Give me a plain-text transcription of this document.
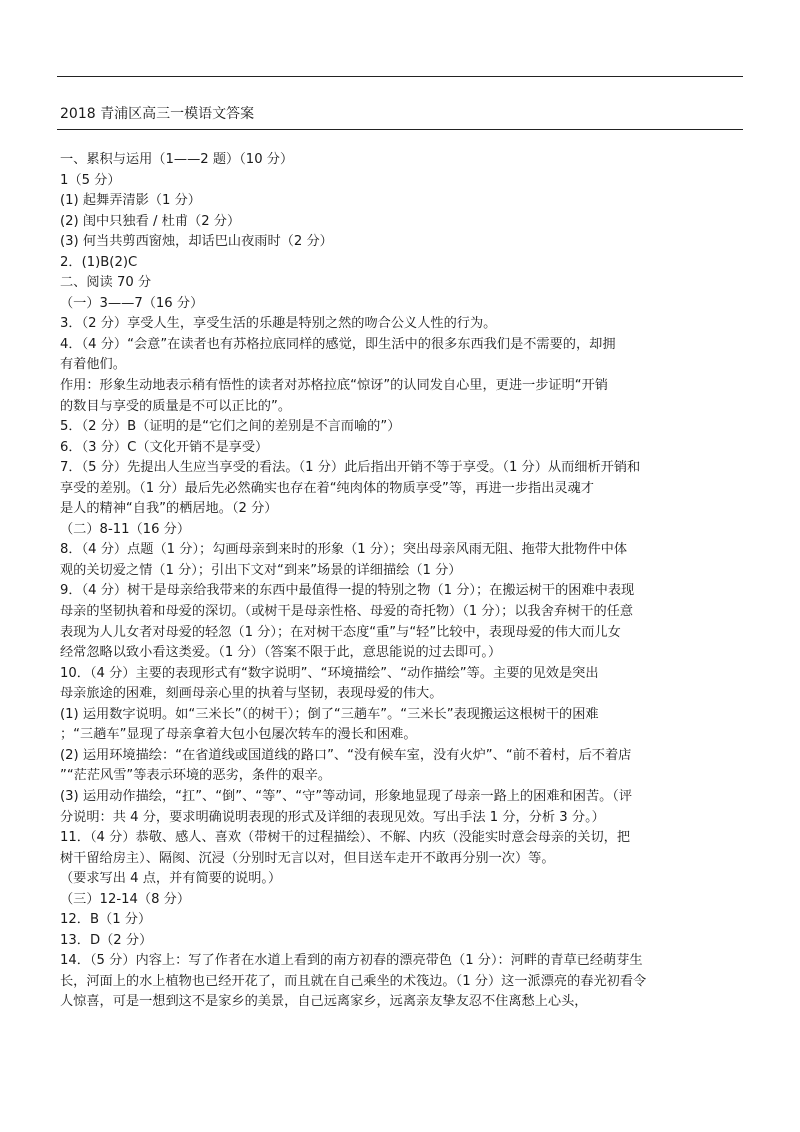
2018 青浦区高三一模语文答案
一、累积与运用（1——2 题）（10 分）
1（5 分）
(1) 起舞弄清影（1 分）
(2) 闺中只独看 / 杜甫（2 分）
(3) 何当共剪西窗烛，却话巴山夜雨时（2 分）
2．(1)B(2)C
二、阅读 70 分
（一）3——7（16 分）
3．（2 分）享受人生，享受生活的乐趣是特别之然的吻合公义人性的行为。
4．（4 分）“会意”在读者也有苏格拉底同样的感觉，即生活中的很多东西我们是不需要的，却拥
有着他们。
作用：形象生动地表示稍有悟性的读者对苏格拉底“惊讶”的认同发自心里，更进一步证明“开销
的数目与享受的质量是不可以正比的”。
5．（2 分）B（证明的是“它们之间的差别是不言而喻的”）
6．（3 分）C（文化开销不是享受）
7．（5 分）先提出人生应当享受的看法。（1 分）此后指出开销不等于享受。（1 分）从而细析开销和
享受的差别。（1 分）最后先必然确实也存在着“纯肉体的物质享受”等，再进一步指出灵魂才
是人的精神“自我”的栖居地。（2 分）
（二）8-11（16 分）
8．（4 分）点题（1 分）；勾画母亲到来时的形象（1 分）；突出母亲风雨无阻、拖带大批物件中体
观的关切爱之情（1 分）；引出下文对“到来”场景的详细描绘（1 分）
9．（4 分）树干是母亲给我带来的东西中最值得一提的特别之物（1 分）；在搬运树干的困难中表现
母亲的坚韧执着和母爱的深切。（或树干是母亲性格、母爱的奇托物）（1 分）；以我舍弃树干的任意
表现为人儿女者对母爱的轻忽（1 分）；在对树干态度“重”与“轻”比较中，表现母爱的伟大而儿女
经常忽略以致小看这类爱。（1 分）（答案不限于此，意思能说的过去即可。）
10．（4 分）主要的表现形式有“数字说明”、“环境描绘”、“动作描绘”等。主要的见效是突出
母亲旅途的困难，刻画母亲心里的执着与坚韧，表现母爱的伟大。
(1) 运用数字说明。如“三米长”（的树干）；倒了“三趟车”。“三米长”表现搬运这根树干的困难
；“三趟车”显现了母亲拿着大包小包屡次转车的漫长和困难。
(2) 运用环境描绘：“在省道线或国道线的路口”、“没有候车室，没有火炉”、“前不着村，后不着店
”“茫茫风雪”等表示环境的恶劣，条件的艰辛。
(3) 运用动作描绘，“扛”、“倒”、“等”、“守”等动词，形象地显现了母亲一路上的困难和困苦。（评
分说明：共 4 分，要求明确说明表现的形式及详细的表现见效。写出手法 1 分，分析 3 分。）
11．（4 分）恭敬、感人、喜欢（带树干的过程描绘）、不解、内疚（没能实时意会母亲的关切，把
树干留给房主）、隔阂、沉浸（分别时无言以对，但目送车走开不敢再分别一次）等。
（要求写出 4 点，并有简要的说明。）
（三）12-14（8 分）
12．B（1 分）
13．D（2 分）
14．（5 分）内容上：写了作者在水道上看到的南方初春的漂亮带色（1 分）：河畔的青草已经萌芽生
长，河面上的水上植物也已经开花了，而且就在自己乘坐的术筏边。（1 分）这一派漂亮的春光初看令
人惊喜，可是一想到这不是家乡的美景，自己远离家乡，远离亲友挚友忍不住离愁上心头，
